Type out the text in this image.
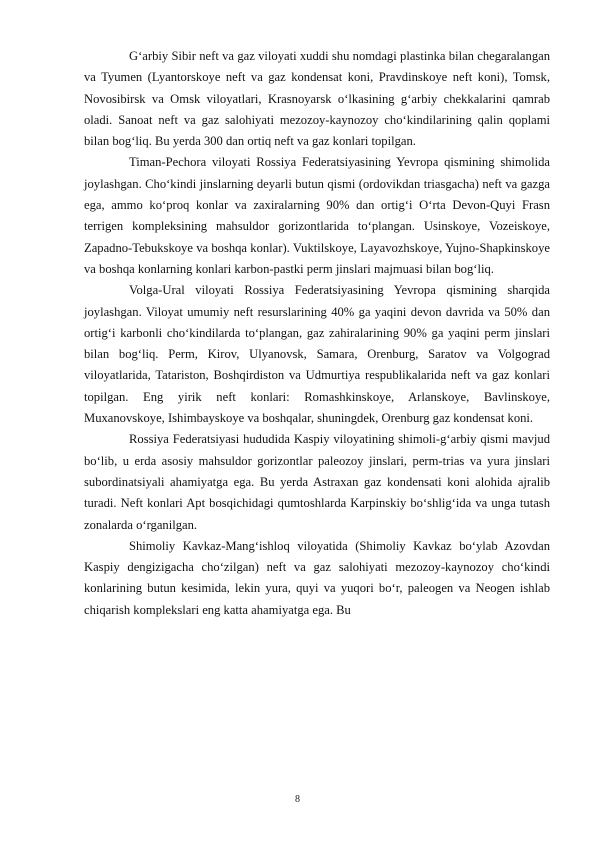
G‘arbiy Sibir neft va gaz viloyati xuddi shu nomdagi plastinka bilan chegaralangan va Tyumen (Lyantorskoye neft va gaz kondensat koni, Pravdinskoye neft koni), Tomsk, Novosibirsk va Omsk viloyatlari, Krasnoyarsk o‘lkasining g‘arbiy chekkalarini qamrab oladi. Sanoat neft va gaz salohiyati mezozoy-kaynozoy cho‘kindilarining qalin qoplami bilan bog‘liq. Bu yerda 300 dan ortiq neft va gaz konlari topilgan.

Timan-Pechora viloyati Rossiya Federatsiyasining Yevropa qismining shimolida joylashgan. Cho‘kindi jinslarning deyarli butun qismi (ordovikdan triasgacha) neft va gazga ega, ammo ko‘proq konlar va zaxiralarning 90% dan ortig‘i O‘rta Devon-Quyi Frasn terrigen kompleksining mahsuldor gorizontlarida to‘plangan. Usinskoye, Vozeiskoye, Zapadno-Tebukskoye va boshqa konlar). Vuktilskoye, Layavozhskoye, Yujno-Shapkinskoye va boshqa konlarning konlari karbon-pastki perm jinslari majmuasi bilan bog‘liq.

Volga-Ural viloyati Rossiya Federatsiyasining Yevropa qismining sharqida joylashgan. Viloyat umumiy neft resurslarining 40% ga yaqini devon davrida va 50% dan ortig‘i karbonli cho‘kindilarda to‘plangan, gaz zahiralarining 90% ga yaqini perm jinslari bilan bog‘liq. Perm, Kirov, Ulyanovsk, Samara, Orenburg, Saratov va Volgograd viloyatlarida, Tatariston, Boshqirdiston va Udmurtiya respublikalarida neft va gaz konlari topilgan. Eng yirik neft konlari: Romashkinskoye, Arlanskoye, Bavlinskoye, Muxanovskoye, Ishimbayskoye va boshqalar, shuningdek, Orenburg gaz kondensat koni.

Rossiya Federatsiyasi hududida Kaspiy viloyatining shimoli-g‘arbiy qismi mavjud bo‘lib, u erda asosiy mahsuldor gorizontlar paleozoy jinslari, perm-trias va yura jinslari subordinatsiyali ahamiyatga ega. Bu yerda Astraxan gaz kondensati koni alohida ajralib turadi. Neft konlari Apt bosqichidagi qumtoshlarda Karpinskiy bo‘shlig‘ida va unga tutash zonalarda o‘rganilgan.

Shimoliy Kavkaz-Mang‘ishloq viloyatida (Shimoliy Kavkaz bo‘ylab Azovdan Kaspiy dengizigacha cho‘zilgan) neft va gaz salohiyati mezozoy-kaynozoy cho‘kindi konlarining butun kesimida, lekin yura, quyi va yuqori bo‘r, paleogen va Neogen ishlab chiqarish komplekslari eng katta ahamiyatga ega. Bu

8
